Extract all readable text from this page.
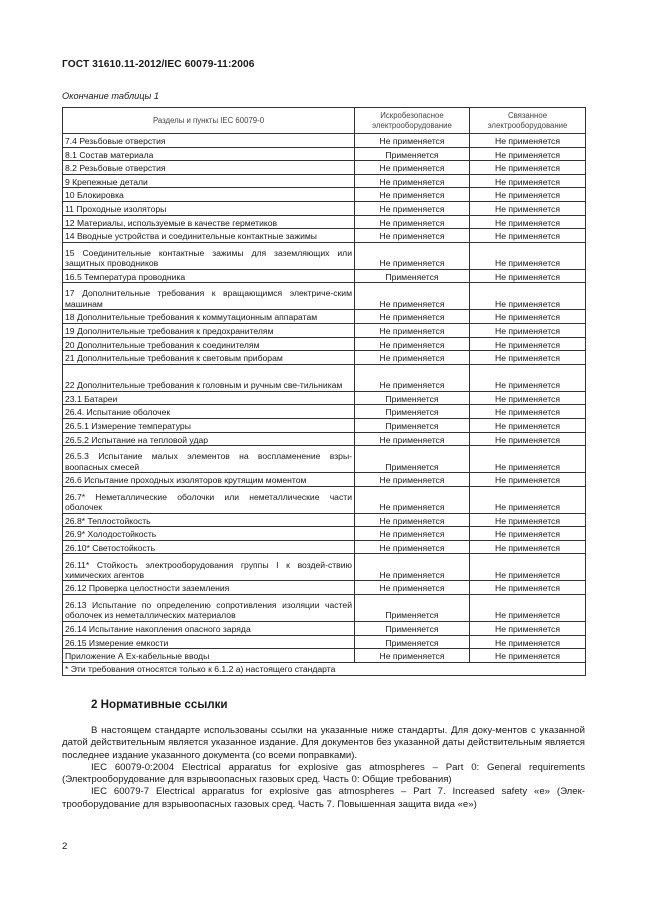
ГОСТ 31610.11-2012/IEC 60079-11:2006
Окончание таблицы 1
Разделы и пункты IEC 60079-0	Искробезопасное электрооборудование	Связанное электрооборудование
7.4 Резьбовые отверстия	Не применяется	Не применяется
8.1 Состав материала	Применяется	Не применяется
8.2 Резьбовые отверстия	Не применяется	Не применяется
9 Крепежные детали	Не применяется	Не применяется
10 Блокировка	Не применяется	Не применяется
11 Проходные изоляторы	Не применяется	Не применяется
12 Материалы, используемые в качестве герметиков	Не применяется	Не применяется
14 Вводные устройства и соединительные контактные зажимы	Не применяется	Не применяется
15 Соединительные контактные зажимы для заземляющих или защитных проводников	Не применяется	Не применяется
16.5 Температура проводника	Применяется	Не применяется
17 Дополнительные требования к вращающимся электриче-ским машинам	Не применяется	Не применяется
18 Дополнительные требования к коммутационным аппаратам	Не применяется	Не применяется
19 Дополнительные требования к предохранителям	Не применяется	Не применяется
20 Дополнительные требования к соединителям	Не применяется	Не применяется
21 Дополнительные требования к световым приборам	Не применяется	Не применяется
22 Дополнительные требования к головным и ручным све-тильникам	Не применяется	Не применяется
23.1 Батареи	Применяется	Не применяется
26.4. Испытание оболочек	Применяется	Не применяется
26.5.1 Измерение температуры	Применяется	Не применяется
26.5.2 Испытание на тепловой удар	Не применяется	Не применяется
26.5.3 Испытание малых элементов на воспламенение взры-воопасных смесей	Применяется	Не применяется
26.6 Испытание проходных изоляторов крутящим моментом	Не применяется	Не применяется
26.7* Неметаллические оболочки или неметаллические части оболочек	Не применяется	Не применяется
26.8* Теплостойкость	Не применяется	Не применяется
26.9* Холодостойкость	Не применяется	Не применяется
26.10* Светостойкость	Не применяется	Не применяется
26.11* Стойкость электрооборудования группы I к воздей-ствию химических агентов	Не применяется	Не применяется
26.12 Проверка целостности заземления	Не применяется	Не применяется
26.13 Испытание по определению сопротивления изоляции частей оболочек из неметаллических материалов	Применяется	Не применяется
26.14 Испытание накопления опасного заряда	Применяется	Не применяется
26.15 Измерение емкости	Применяется	Не применяется
Приложение А Ex-кабельные вводы	Не применяется	Не применяется
* Эти требования относятся только к 6.1.2 а) настоящего стандарта		
2 Нормативные ссылки

В настоящем стандарте использованы ссылки на указанные ниже стандарты. Для доку-ментов с указанной датой действительным является указанное издание. Для документов без указанной даты действительным является последнее издание указанного документа (со всеми поправками).

IEC 60079-0:2004 Electrical apparatus for explosive gas atmospheres – Part 0: General requirements (Электрооборудование для взрывоопасных газовых сред. Часть 0: Общие требования)

IEC 60079-7 Electrical apparatus for explosive gas atmospheres – Part 7. Increased safety «e» (Элек-трооборудование для взрывоопасных газовых сред. Часть 7. Повышенная защита вида «e»)

2
